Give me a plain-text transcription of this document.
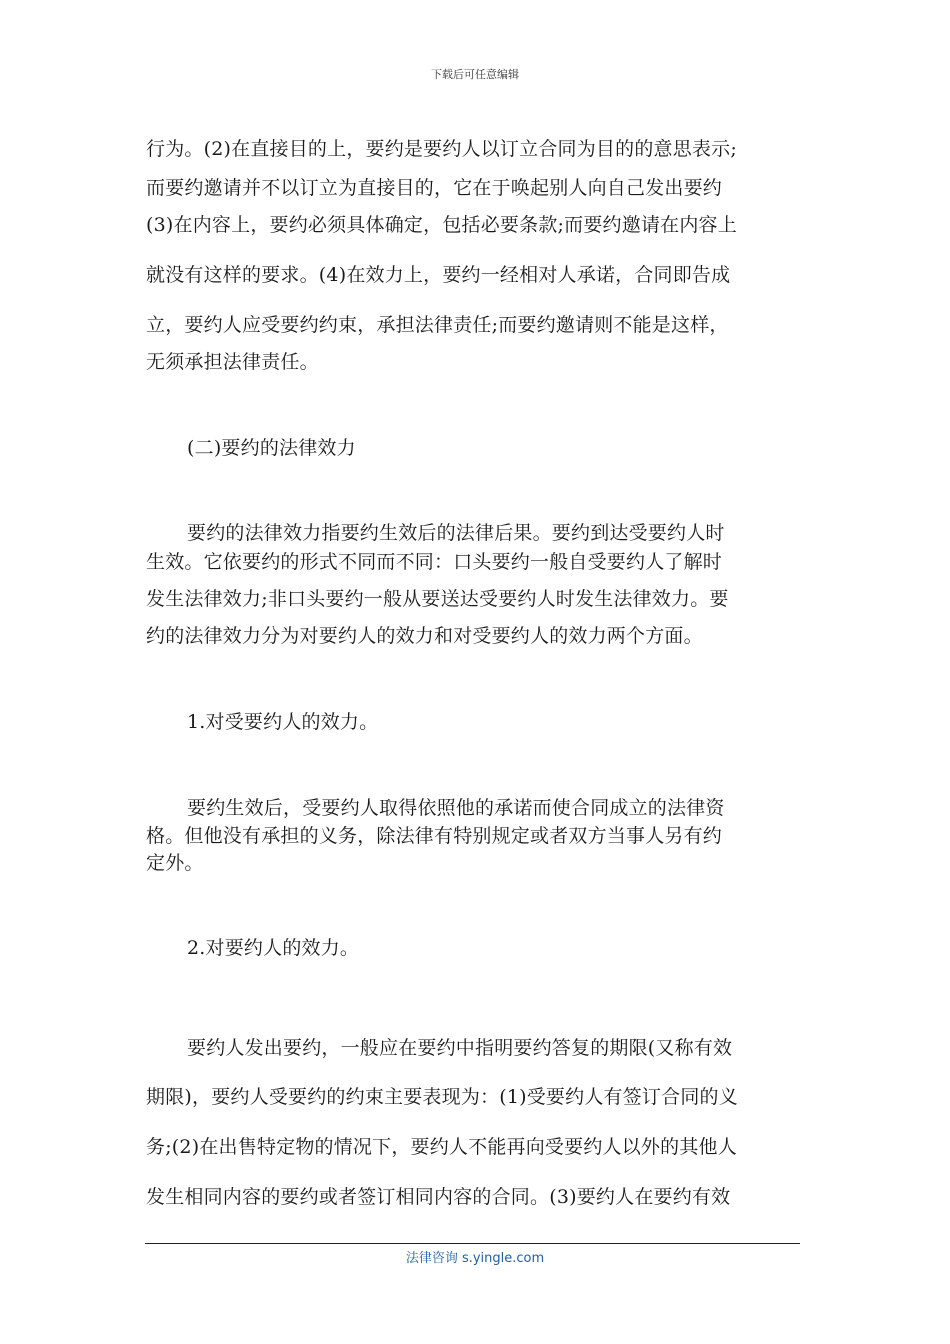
下载后可任意编辑
行为。(2)在直接目的上，要约是要约人以订立合同为目的的意思表示;
而要约邀请并不以订立为直接目的，它在于唤起别人向自己发出要约
(3)在内容上，要约必须具体确定，包括必要条款;而要约邀请在内容上
就没有这样的要求。(4)在效力上，要约一经相对人承诺，合同即告成
立，要约人应受要约约束，承担法律责任;而要约邀请则不能是这样，
无须承担法律责任。
(二)要约的法律效力
要约的法律效力指要约生效后的法律后果。要约到达受要约人时
生效。它依要约的形式不同而不同：口头要约一般自受要约人了解时
发生法律效力;非口头要约一般从要送达受要约人时发生法律效力。要
约的法律效力分为对要约人的效力和对受要约人的效力两个方面。
1.对受要约人的效力。
要约生效后，受要约人取得依照他的承诺而使合同成立的法律资
格。但他没有承担的义务，除法律有特别规定或者双方当事人另有约
定外。
2.对要约人的效力。
要约人发出要约，一般应在要约中指明要约答复的期限(又称有效
期限)，要约人受要约的约束主要表现为：(1)受要约人有签订合同的义
务;(2)在出售特定物的情况下，要约人不能再向受要约人以外的其他人
发生相同内容的要约或者签订相同内容的合同。(3)要约人在要约有效
法律咨询 s.yingle.com
